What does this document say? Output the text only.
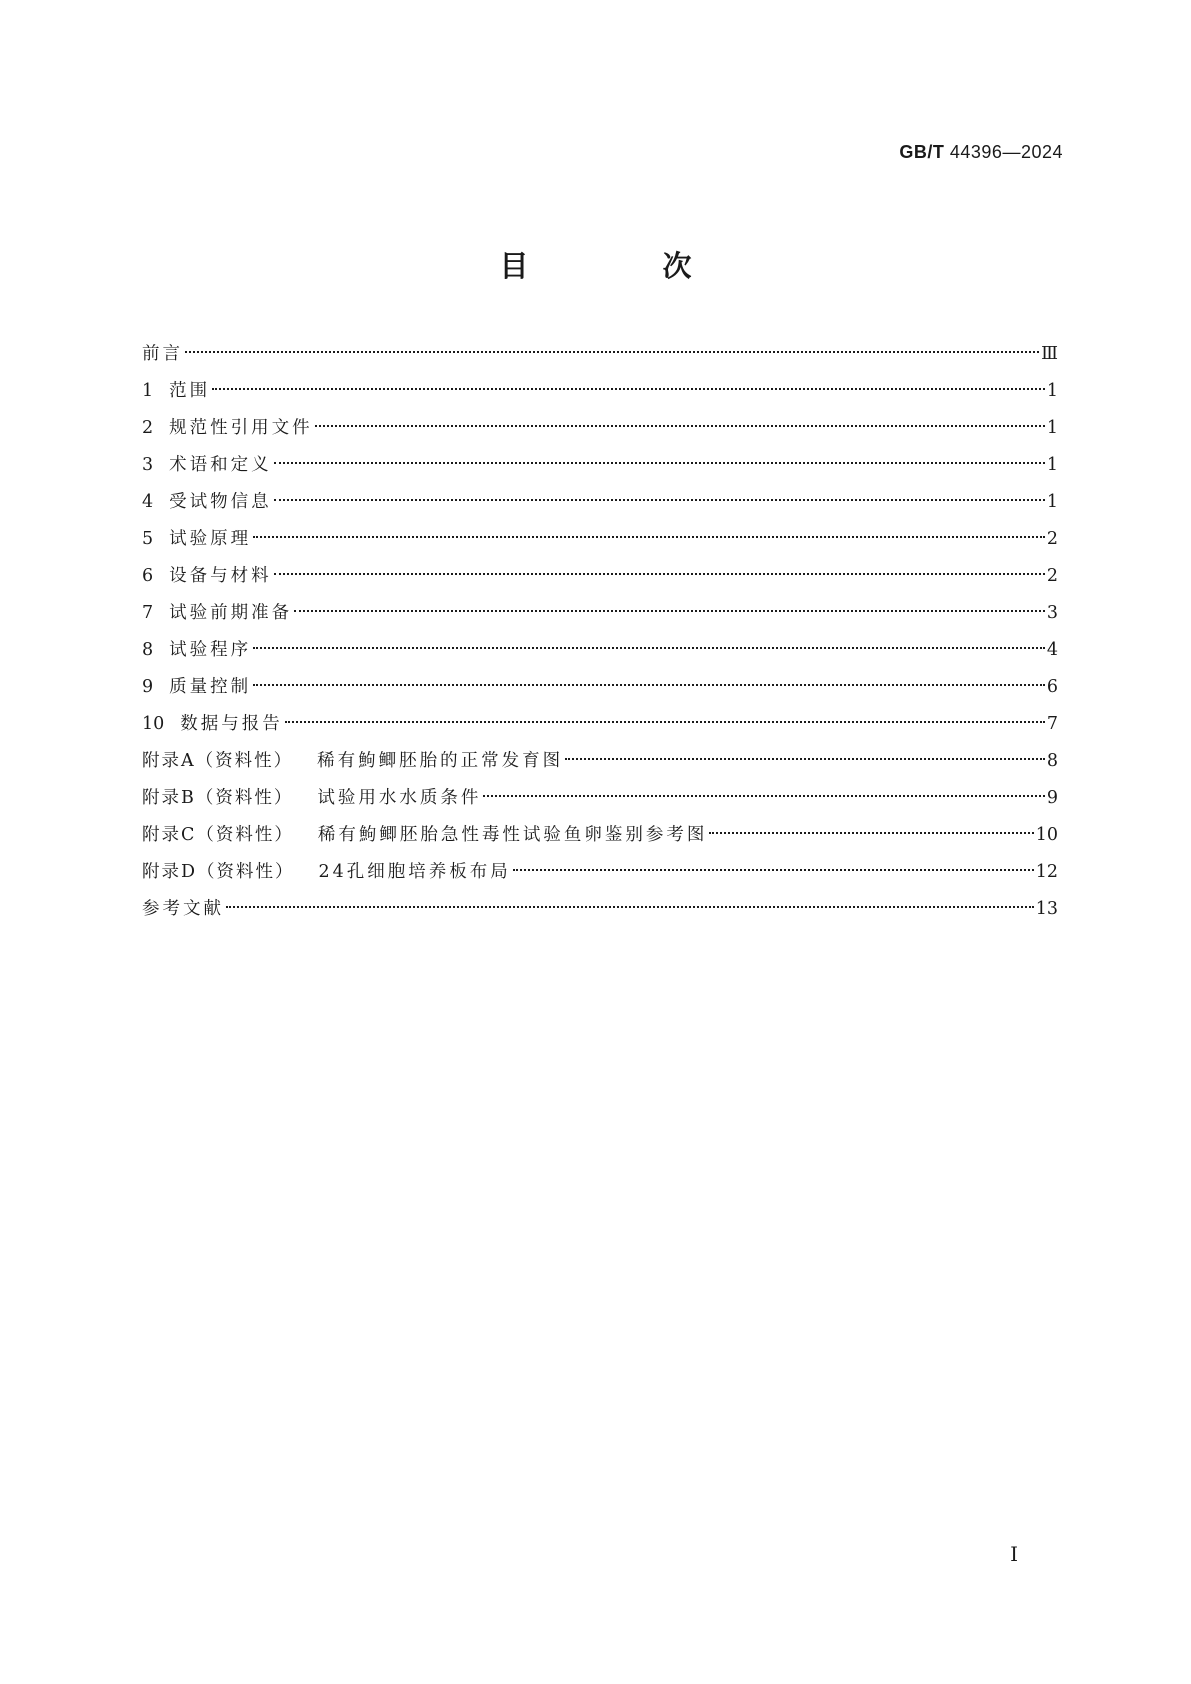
GB/T 44396—2024
目 次
前言	Ⅲ
1 范围	1
2 规范性引用文件	1
3 术语和定义	1
4 受试物信息	1
5 试验原理	2
6 设备与材料	2
7 试验前期准备	3
8 试验程序	4
9 质量控制	6
10 数据与报告	7
附录A（资料性） 稀有鮈鲫胚胎的正常发育图	8
附录B（资料性） 试验用水水质条件	9
附录C（资料性） 稀有鮈鲫胚胎急性毒性试验鱼卵鉴别参考图	10
附录D（资料性） 24孔细胞培养板布局	12
参考文献	13
I
